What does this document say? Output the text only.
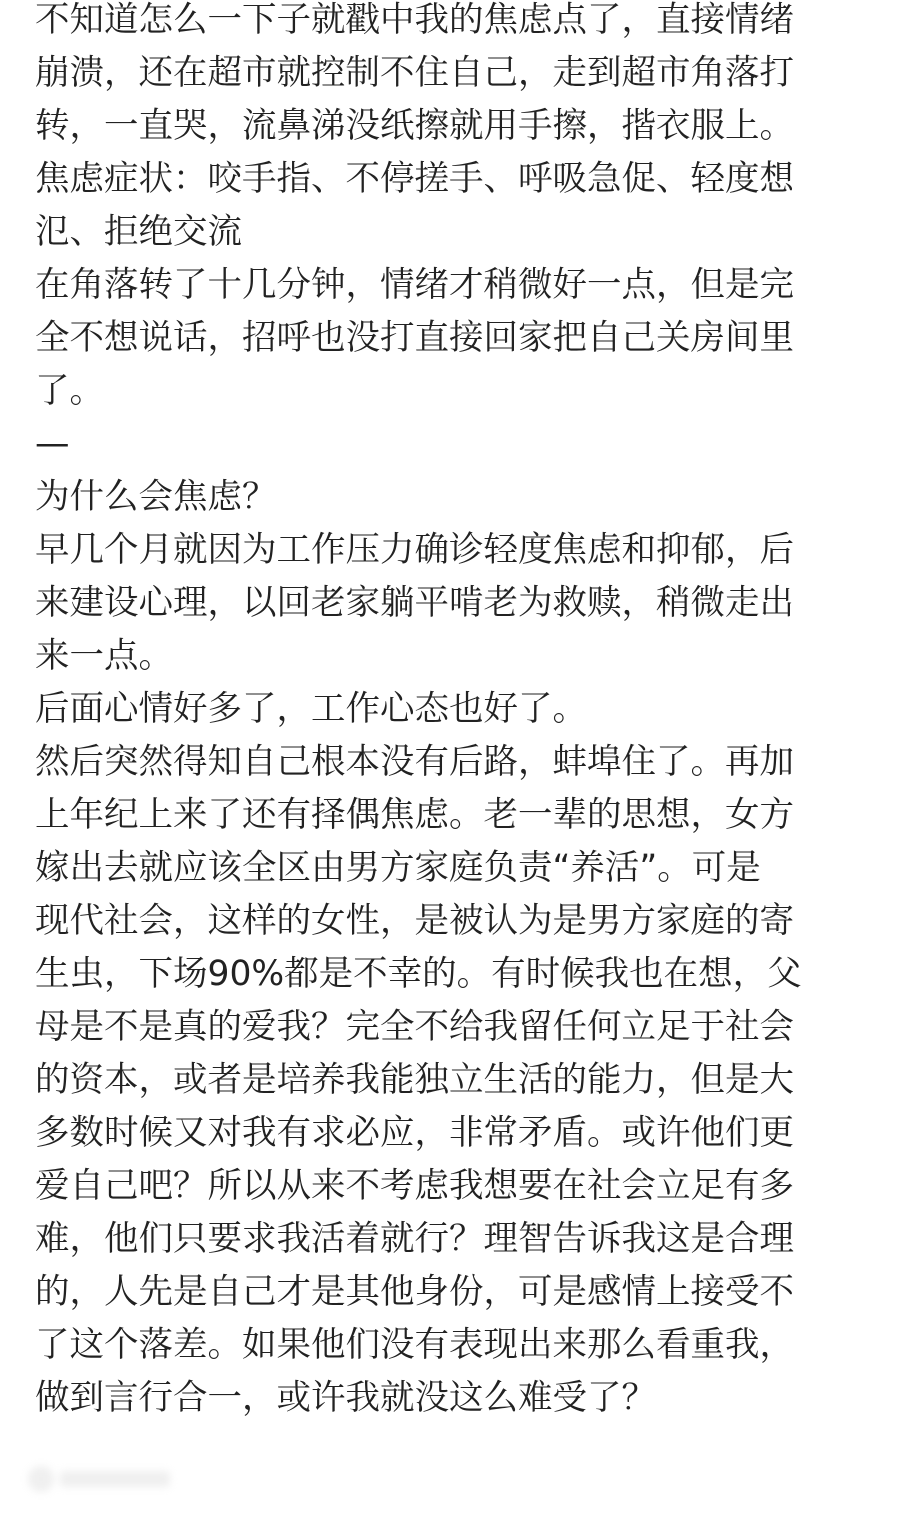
不知道怎么一下子就戳中我的焦虑点了，直接情绪
崩溃，还在超市就控制不住自己，走到超市角落打
转，一直哭，流鼻涕没纸擦就用手擦，揩衣服上。
焦虑症状：咬手指、不停搓手、呼吸急促、轻度想
氾、拒绝交流
在角落转了十几分钟，情绪才稍微好一点，但是完
全不想说话，招呼也没打直接回家把自己关房间里
了。
—
为什么会焦虑？
早几个月就因为工作压力确诊轻度焦虑和抑郁，后
来建设心理，以回老家躺平啃老为救赎，稍微走出
来一点。
后面心情好多了，工作心态也好了。
然后突然得知自己根本没有后路，蚌埠住了。再加
上年纪上来了还有择偶焦虑。老一辈的思想，女方
嫁出去就应该全区由男方家庭负责“养活”。可是
现代社会，这样的女性，是被认为是男方家庭的寄
生虫，下场90%都是不幸的。有时候我也在想，父
母是不是真的爱我？完全不给我留任何立足于社会
的资本，或者是培养我能独立生活的能力，但是大
多数时候又对我有求必应，非常矛盾。或许他们更
爱自己吧？所以从来不考虑我想要在社会立足有多
难，他们只要求我活着就行？理智告诉我这是合理
的，人先是自己才是其他身份，可是感情上接受不
了这个落差。如果他们没有表现出来那么看重我，
做到言行合一，或许我就没这么难受了？
